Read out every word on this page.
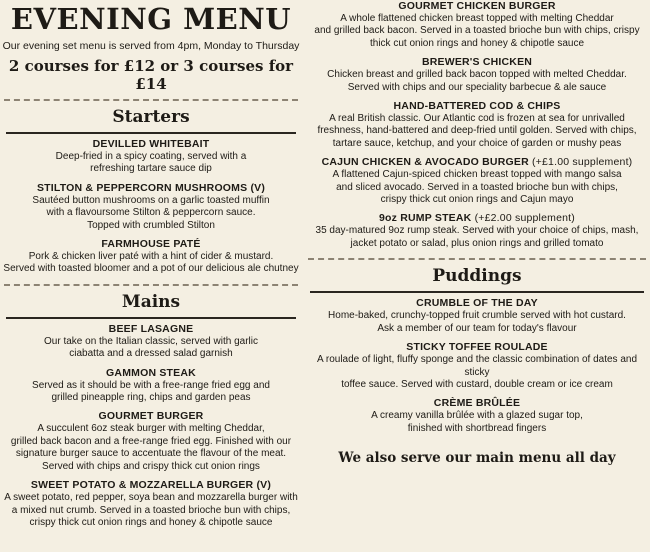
EVENING MENU
Our evening set menu is served from 4pm, Monday to Thursday
2 courses for £12 or 3 courses for £14
Starters
DEVILLED WHITEBAIT
Deep-fried in a spicy coating, served with a
refreshing tartare sauce dip
STILTON & PEPPERCORN MUSHROOMS (V)
Sautéed button mushrooms on a garlic toasted muffin
with a flavoursome Stilton & peppercorn sauce.
Topped with crumbled Stilton
FARMHOUSE PATÉ
Pork & chicken liver paté with a hint of cider & mustard.
Served with toasted bloomer and a pot of our delicious ale chutney
Mains
BEEF LASAGNE
Our take on the Italian classic, served with garlic
ciabatta and a dressed salad garnish
GAMMON STEAK
Served as it should be with a free-range fried egg and
grilled pineapple ring, chips and garden peas
GOURMET BURGER
A succulent 6oz steak burger with melting Cheddar,
grilled back bacon and a free-range fried egg. Finished with our
signature burger sauce to accentuate the flavour of the meat.
Served with chips and crispy thick cut onion rings
SWEET POTATO & MOZZARELLA BURGER (V)
A sweet potato, red pepper, soya bean and mozzarella burger with
a mixed nut crumb. Served in a toasted brioche bun with chips,
crispy thick cut onion rings and honey & chipotle sauce
GOURMET CHICKEN BURGER
A whole flattened chicken breast topped with melting Cheddar
and grilled back bacon. Served in a toasted brioche bun with chips, crispy
thick cut onion rings and honey & chipotle sauce
BREWER'S CHICKEN
Chicken breast and grilled back bacon topped with melted Cheddar.
Served with chips and our speciality barbecue & ale sauce
HAND-BATTERED COD & CHIPS
A real British classic. Our Atlantic cod is frozen at sea for unrivalled
freshness, hand-battered and deep-fried until golden. Served with chips,
tartare sauce, ketchup, and your choice of garden or mushy peas
CAJUN CHICKEN & AVOCADO BURGER (+£1.00 supplement)
A flattened Cajun-spiced chicken breast topped with mango salsa
and sliced avocado. Served in a toasted brioche bun with chips,
crispy thick cut onion rings and Cajun mayo
9oz RUMP STEAK (+£2.00 supplement)
35 day-matured 9oz rump steak. Served with your choice of chips, mash,
jacket potato or salad, plus onion rings and grilled tomato
Puddings
CRUMBLE OF THE DAY
Home-baked, crunchy-topped fruit crumble served with hot custard.
Ask a member of our team for today's flavour
STICKY TOFFEE ROULADE
A roulade of light, fluffy sponge and the classic combination of dates and sticky
toffee sauce. Served with custard, double cream or ice cream
CRÈME BRÛLÉE
A creamy vanilla brûlée with a glazed sugar top,
finished with shortbread fingers
We also serve our main menu all day
